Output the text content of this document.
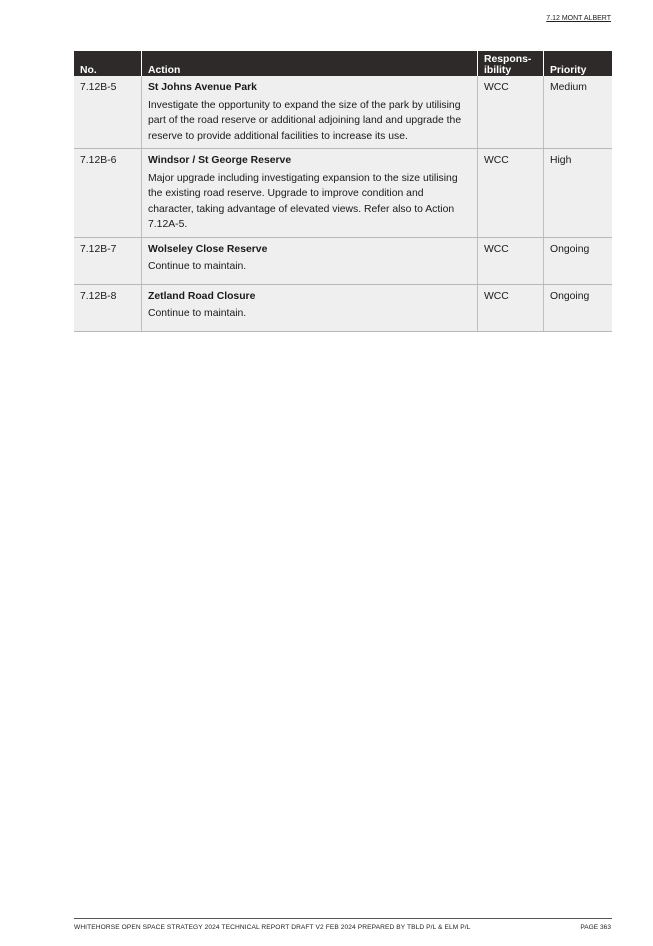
7.12 MONT ALBERT
No.	Action	Respons-
ibility	Priority
7.12B-5	St Johns Avenue Park
Investigate the opportunity to expand the size of the park by utilising part of the road reserve or additional adjoining land and upgrade the reserve to provide additional facilities to increase its use.	WCC	Medium
7.12B-6	Windsor / St George Reserve
Major upgrade including investigating expansion to the size utilising the existing road reserve. Upgrade to improve condition and character, taking advantage of elevated views. Refer also to Action 7.12A-5.	WCC	High
7.12B-7	Wolseley Close Reserve
Continue to maintain.	WCC	Ongoing
7.12B-8	Zetland Road Closure
Continue to maintain.	WCC	Ongoing
WHITEHORSE OPEN SPACE STRATEGY 2024 TECHNICAL REPORT DRAFT V2 FEB 2024 PREPARED BY TBLD P/L & ELM P/L	PAGE 363
